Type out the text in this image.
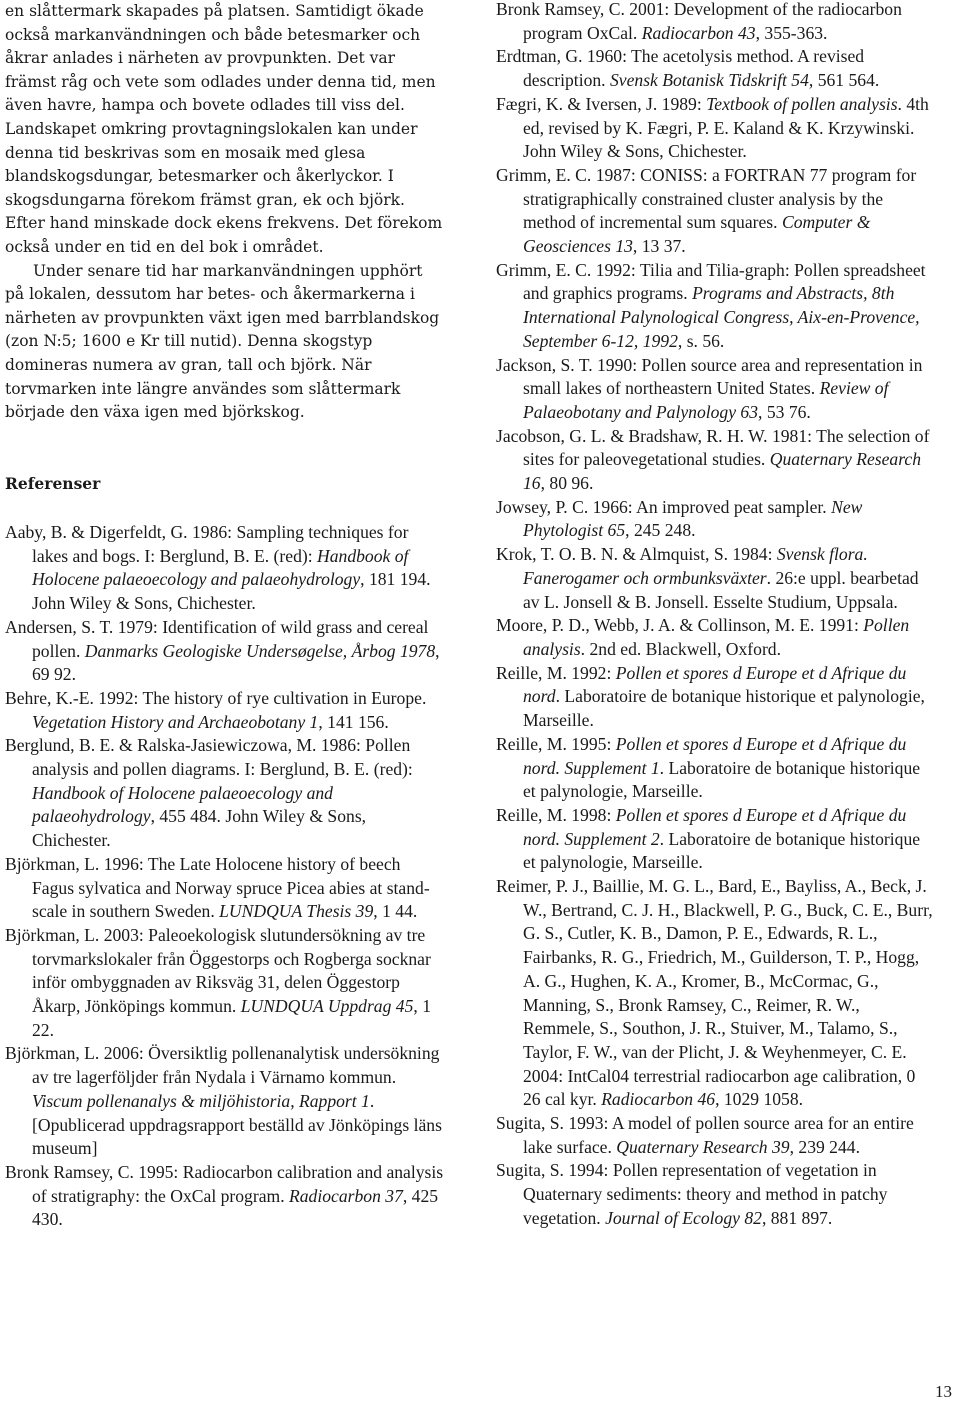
en slåttermark skapades på platsen. Samtidigt ökade också markanvändningen och både betesmarker och åkrar anlades i närheten av provpunkten. Det var främst råg och vete som odlades under denna tid, men även havre, hampa och bovete odlades till viss del. Landskapet omkring provtagningslokalen kan under denna tid beskrivas som en mosaik med glesa blandskogsdungar, betesmarker och åkerlyckor. I skogsdungarna förekom främst gran, ek och björk. Efter hand minskade dock ekens frekvens. Det förekom också under en tid en del bok i området.

Under senare tid har markanvändningen upphört på lokalen, dessutom har betes- och åkermarkerna i närheten av provpunkten växt igen med barrblandskog (zon N:5; 1600 e Kr till nutid). Denna skogstyp domineras numera av gran, tall och björk. När torvmarken inte längre användes som slåttermark började den växa igen med björkskog.

Referenser

Aaby, B. & Digerfeldt, G. 1986: Sampling techniques for lakes and bogs. I: Berglund, B. E. (red): Handbook of Holocene palaeoecology and palaeohydrology, 181 194. John Wiley & Sons, Chichester.

Andersen, S. T. 1979: Identification of wild grass and cereal pollen. Danmarks Geologiske Undersøgelse, Årbog 1978, 69 92.

Behre, K.-E. 1992: The history of rye cultivation in Europe. Vegetation History and Archaeobotany 1, 141 156.

Berglund, B. E. & Ralska-Jasiewiczowa, M. 1986: Pollen analysis and pollen diagrams. I: Berglund, B. E. (red): Handbook of Holocene palaeoecology and palaeohydrology, 455 484. John Wiley & Sons, Chichester.

Björkman, L. 1996: The Late Holocene history of beech Fagus sylvatica and Norway spruce Picea abies at stand-scale in southern Sweden. LUNDQUA Thesis 39, 1 44.

Björkman, L. 2003: Paleoekologisk slutundersökning av tre torvmarkslokaler från Öggestorps och Rogberga socknar inför ombyggnaden av Riksväg 31, delen Öggestorp Åkarp, Jönköpings kommun. LUNDQUA Uppdrag 45, 1 22.

Björkman, L. 2006: Översiktlig pollenanalytisk undersökning av tre lagerföljder från Nydala i Värnamo kommun. Viscum pollenanalys & miljöhistoria, Rapport 1. [Opublicerad uppdragsrapport beställd av Jönköpings läns museum]

Bronk Ramsey, C. 1995: Radiocarbon calibration and analysis of stratigraphy: the OxCal program. Radiocarbon 37, 425 430.

Bronk Ramsey, C. 2001: Development of the radiocarbon program OxCal. Radiocarbon 43, 355-363.

Erdtman, G. 1960: The acetolysis method. A revised description. Svensk Botanisk Tidskrift 54, 561 564.

Fægri, K. & Iversen, J. 1989: Textbook of pollen analysis. 4th ed, revised by K. Fægri, P. E. Kaland & K. Krzywinski. John Wiley & Sons, Chichester.

Grimm, E. C. 1987: CONISS: a FORTRAN 77 program for stratigraphically constrained cluster analysis by the method of incremental sum squares. Computer & Geosciences 13, 13 37.

Grimm, E. C. 1992: Tilia and Tilia-graph: Pollen spreadsheet and graphics programs. Programs and Abstracts, 8th International Palynological Congress, Aix-en-Provence, September 6-12, 1992, s. 56.

Jackson, S. T. 1990: Pollen source area and representation in small lakes of northeastern United States. Review of Palaeobotany and Palynology 63, 53 76.

Jacobson, G. L. & Bradshaw, R. H. W. 1981: The selection of sites for paleovegetational studies. Quaternary Research 16, 80 96.

Jowsey, P. C. 1966: An improved peat sampler. New Phytologist 65, 245 248.

Krok, T. O. B. N. & Almquist, S. 1984: Svensk flora. Fanerogamer och ormbunksväxter. 26:e uppl. bearbetad av L. Jonsell & B. Jonsell. Esselte Studium, Uppsala.

Moore, P. D., Webb, J. A. & Collinson, M. E. 1991: Pollen analysis. 2nd ed. Blackwell, Oxford.

Reille, M. 1992: Pollen et spores d Europe et d Afrique du nord. Laboratoire de botanique historique et palynologie, Marseille.

Reille, M. 1995: Pollen et spores d Europe et d Afrique du nord. Supplement 1. Laboratoire de botanique historique et palynologie, Marseille.

Reille, M. 1998: Pollen et spores d Europe et d Afrique du nord. Supplement 2. Laboratoire de botanique historique et palynologie, Marseille.

Reimer, P. J., Baillie, M. G. L., Bard, E., Bayliss, A., Beck, J. W., Bertrand, C. J. H., Blackwell, P. G., Buck, C. E., Burr, G. S., Cutler, K. B., Damon, P. E., Edwards, R. L., Fairbanks, R. G., Friedrich, M., Guilderson, T. P., Hogg, A. G., Hughen, K. A., Kromer, B., McCormac, G., Manning, S., Bronk Ramsey, C., Reimer, R. W., Remmele, S., Southon, J. R., Stuiver, M., Talamo, S., Taylor, F. W., van der Plicht, J. & Weyhenmeyer, C. E. 2004: IntCal04 terrestrial radiocarbon age calibration, 0 26 cal kyr. Radiocarbon 46, 1029 1058.

Sugita, S. 1993: A model of pollen source area for an entire lake surface. Quaternary Research 39, 239 244.

Sugita, S. 1994: Pollen representation of vegetation in Quaternary sediments: theory and method in patchy vegetation. Journal of Ecology 82, 881 897.

13
